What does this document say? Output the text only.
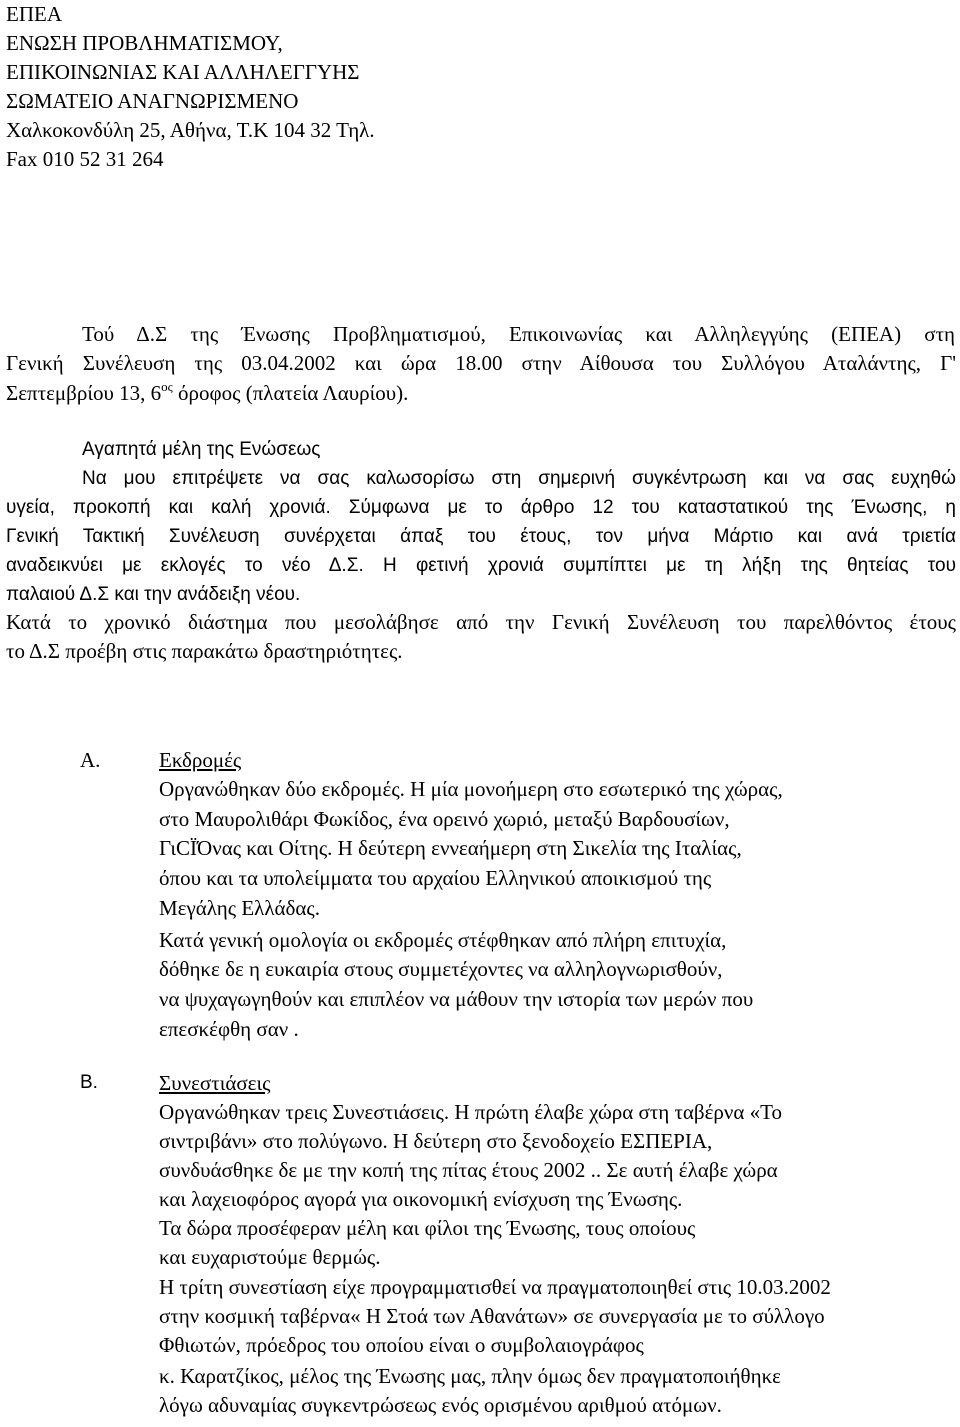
ΕΠΕΑ
ΕΝΩΣΗ ΠΡΟΒΛΗΜΑΤΙΣΜΟΥ,
ΕΠΙΚΟΙΝΩΝΙΑΣ ΚΑΙ ΑΛΛΗΛΕΓΓΥΗΣ
ΣΩΜΑΤΕΙΟ ΑΝΑΓΝΩΡΙΣΜΕΝΟ
Χαλκοκονδύλη 25, Αθήνα, Τ.Κ 104 32 Τηλ.
Fax 010 52 31 264
Τού Δ.Σ της Ένωσης Προβληματισμού, Επικοινωνίας και Αλληλεγγύης (ΕΠΕΑ) στη
Γενική Συνέλευση της 03.04.2002 και ώρα 18.00 στην Αίθουσα του Συλλόγου Αταλάντης, Γ'
Σεπτεμβρίου 13, $6^{o\varsigma}$ όροφος (πλατεία Λαυρίου).
Αγαπητά μέλη της Ενώσεως
Να μου επιτρέψετε να σας καλωσορίσω στη σημερινή συγκέντρωση και να σας ευχηθώ
υγεία, προκοπή και καλή χρονιά. Σύμφωνα με το άρθρο 12 του καταστατικού της Ένωσης, η
Γενική Τακτική Συνέλευση συνέρχεται άπαξ του έτους, τον μήνα Μάρτιο και ανά τριετία
αναδεικνύει με εκλογές το νέο Δ.Σ. Η φετινή χρονιά συμπίπτει με τη λήξη της θητείας του
παλαιού Δ.Σ και την ανάδειξη νέου.
Κατά το χρονικό διάστημα που μεσολάβησε από την Γενική Συνέλευση του παρελθόντος έτους
το Δ.Σ προέβη στις παρακάτω δραστηριότητες.
Α.	Εκδρομές
Οργανώθηκαν δύο εκδρομές. Η μία μονοήμερη στο εσωτερικό της χώρας,
στο Μαυρολιθάρι Φωκίδος, ένα ορεινό χωριό, μεταξύ Βαρδουσίων,
ΓιCΪΌνας και Οίτης. Η δεύτερη εννεαήμερη στη Σικελία της Ιταλίας,
όπου και τα υπολείμματα του αρχαίου Ελληνικού αποικισμού της
Μεγάλης Ελλάδας.
Κατά γενική ομολογία οι εκδρομές στέφθηκαν από πλήρη επιτυχία,
δόθηκε δε η ευκαιρία στους συμμετέχοντες να αλληλογνωρισθούν,
να ψυχαγωγηθούν και επιπλέον να μάθουν την ιστορία των μερών που
επεσκέφθη σαν .
Β.	Συνεστιάσεις
Οργανώθηκαν τρεις Συνεστιάσεις. Η πρώτη έλαβε χώρα στη ταβέρνα «Το
σιντριβάνι» στο πολύγωνο. Η δεύτερη στο ξενοδοχείο ΕΣΠΕΡΙΑ,
συνδυάσθηκε δε με την κοπή της πίτας έτους 2002 .. Σε αυτή έλαβε χώρα
και λαχειοφόρος αγορά για οικονομική ενίσχυση της Ένωσης.
Τα δώρα προσέφεραν μέλη και φίλοι της Ένωσης, τους οποίους
και ευχαριστούμε θερμώς.
Η τρίτη συνεστίαση είχε προγραμματισθεί να πραγματοποιηθεί στις 10.03.2002
στην κοσμική ταβέρνα« Η Στοά των Αθανάτων» σε συνεργασία με το σύλλογο
Φθιωτών, πρόεδρος του οποίου είναι ο συμβολαιογράφος
κ. Καρατζίκος, μέλος της Ένωσης μας, πλην όμως δεν πραγματοποιήθηκε
λόγω αδυναμίας συγκεντρώσεως ενός ορισμένου αριθμού ατόμων.
